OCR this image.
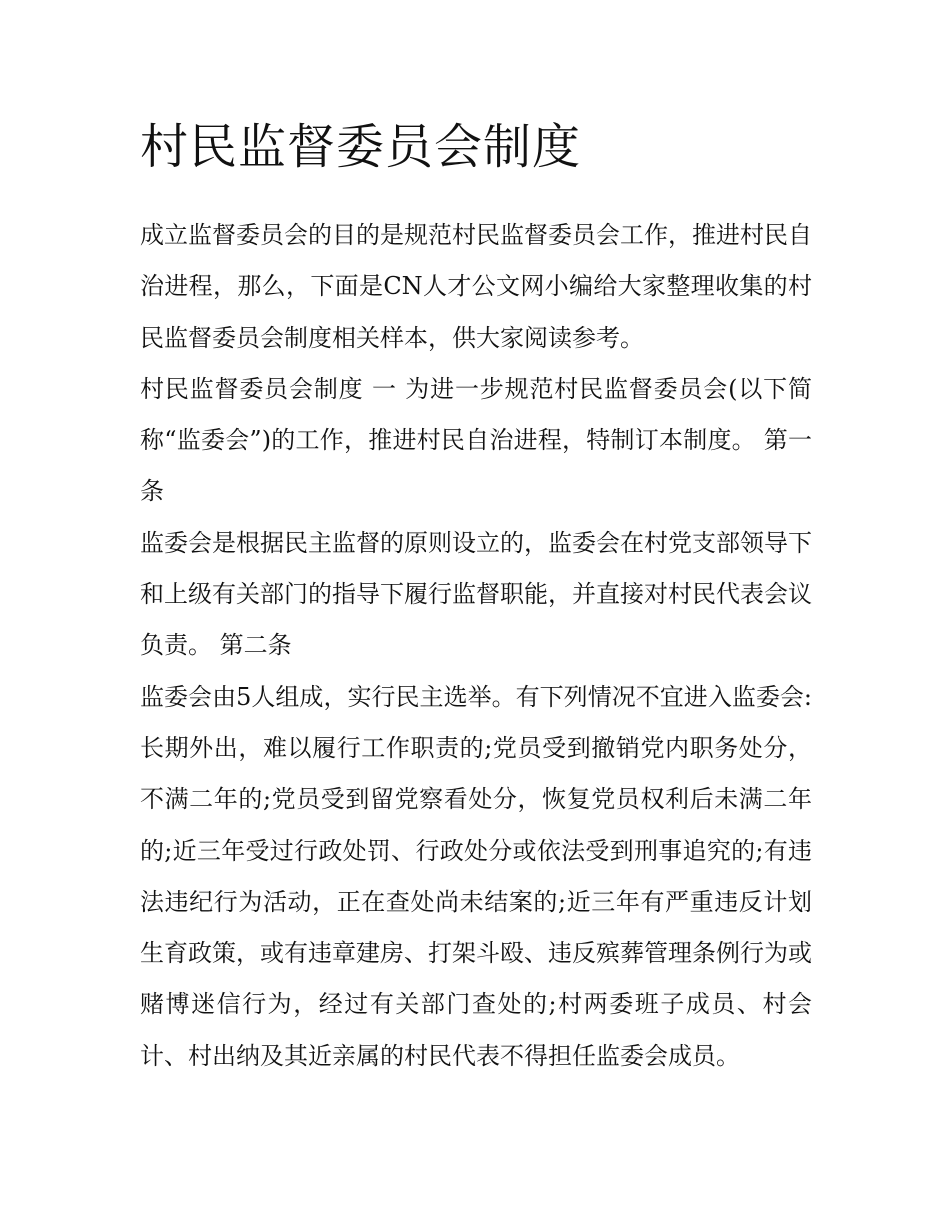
村民监督委员会制度

成立监督委员会的目的是规范村民监督委员会工作，推进村民自治进程，那么，下面是CN人才公文网小编给大家整理收集的村民监督委员会制度相关样本，供大家阅读参考。

村民监督委员会制度 一 为进一步规范村民监督委员会(以下简称“监委会”)的工作，推进村民自治进程，特制订本制度。 第一条

监委会是根据民主监督的原则设立的，监委会在村党支部领导下和上级有关部门的指导下履行监督职能，并直接对村民代表会议负责。 第二条

监委会由5人组成，实行民主选举。有下列情况不宜进入监委会:长期外出，难以履行工作职责的;党员受到撤销党内职务处分，不满二年的;党员受到留党察看处分，恢复党员权利后未满二年的;近三年受过行政处罚、行政处分或依法受到刑事追究的;有违法违纪行为活动，正在查处尚未结案的;近三年有严重违反计划生育政策，或有违章建房、打架斗殴、违反殡葬管理条例行为或赌博迷信行为，经过有关部门查处的;村两委班子成员、村会计、村出纳及其近亲属的村民代表不得担任监委会成员。
